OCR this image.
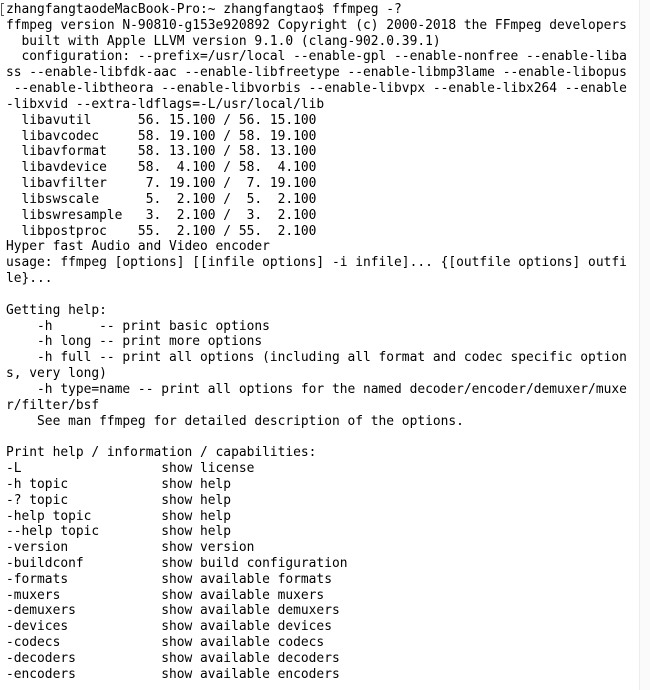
zhangfangtaodeMacBook-Pro:~ zhangfangtao$ ffmpeg -?
ffmpeg version N-90810-g153e920892 Copyright (c) 2000-2018 the FFmpeg developers
built with Apple LLVM version 9.1.0 (clang-902.0.39.1)
configuration: --prefix=/usr/local --enable-gpl --enable-nonfree --enable-liba
ss --enable-libfdk-aac --enable-libfreetype --enable-libmp3lame --enable-libopus
--enable-libtheora --enable-libvorbis --enable-libvpx --enable-libx264 --enable
-libxvid --extra-ldflags=-L/usr/local/lib
libavutil      56. 15.100 / 56. 15.100
libavcodec     58. 19.100 / 58. 19.100
libavformat    58. 13.100 / 58. 13.100
libavdevice    58.  4.100 / 58.  4.100
libavfilter     7. 19.100 /  7. 19.100
libswscale      5.  2.100 /  5.  2.100
libswresample   3.  2.100 /  3.  2.100
libpostproc    55.  2.100 / 55.  2.100
Hyper fast Audio and Video encoder
usage: ffmpeg [options] [[infile options] -i infile]... {[outfile options] outfi
le}...

Getting help:
-h      -- print basic options
-h long -- print more options
-h full -- print all options (including all format and codec specific option
s, very long)
-h type=name -- print all options for the named decoder/encoder/demuxer/muxe
r/filter/bsf
See man ffmpeg for detailed description of the options.

Print help / information / capabilities:
-L                  show license
-h topic            show help
-? topic            show help
-help topic         show help
--help topic        show help
-version            show version
-buildconf          show build configuration
-formats            show available formats
-muxers             show available muxers
-demuxers           show available demuxers
-devices            show available devices
-codecs             show available codecs
-decoders           show available decoders
-encoders           show available encoders
